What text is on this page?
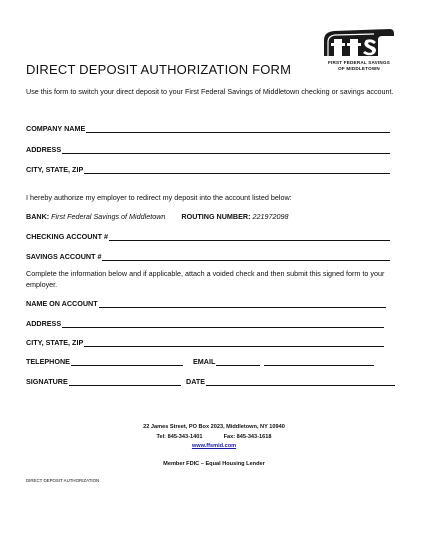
FIRST FEDERAL SAVINGS
OF MIDDLETOWN
DIRECT DEPOSIT AUTHORIZATION FORM
Use this form to switch your direct deposit to your First Federal Savings of Middletown checking or savings account.
COMPANY NAME
ADDRESS
CITY, STATE, ZIP
I hereby authorize my employer to redirect my deposit into the account listed below:
BANK: First Federal Savings of Middletown ROUTING NUMBER: 221972098
CHECKING ACCOUNT #
SAVINGS ACCOUNT #
Complete the information below and if applicable, attach a voided check and then submit this signed form to your employer.
NAME ON ACCOUNT
ADDRESS
CITY, STATE, ZIP
TELEPHONE	EMAIL
SIGNATURE	DATE
22 James Street, PO Box 2023, Middletown, NY 10940
Tel: 845-343-1401	Fax: 845-343-1618
www.ffsmid.com
Member FDIC – Equal Housing Lender
DIRECT DEPOSIT AUTHORIZATION
